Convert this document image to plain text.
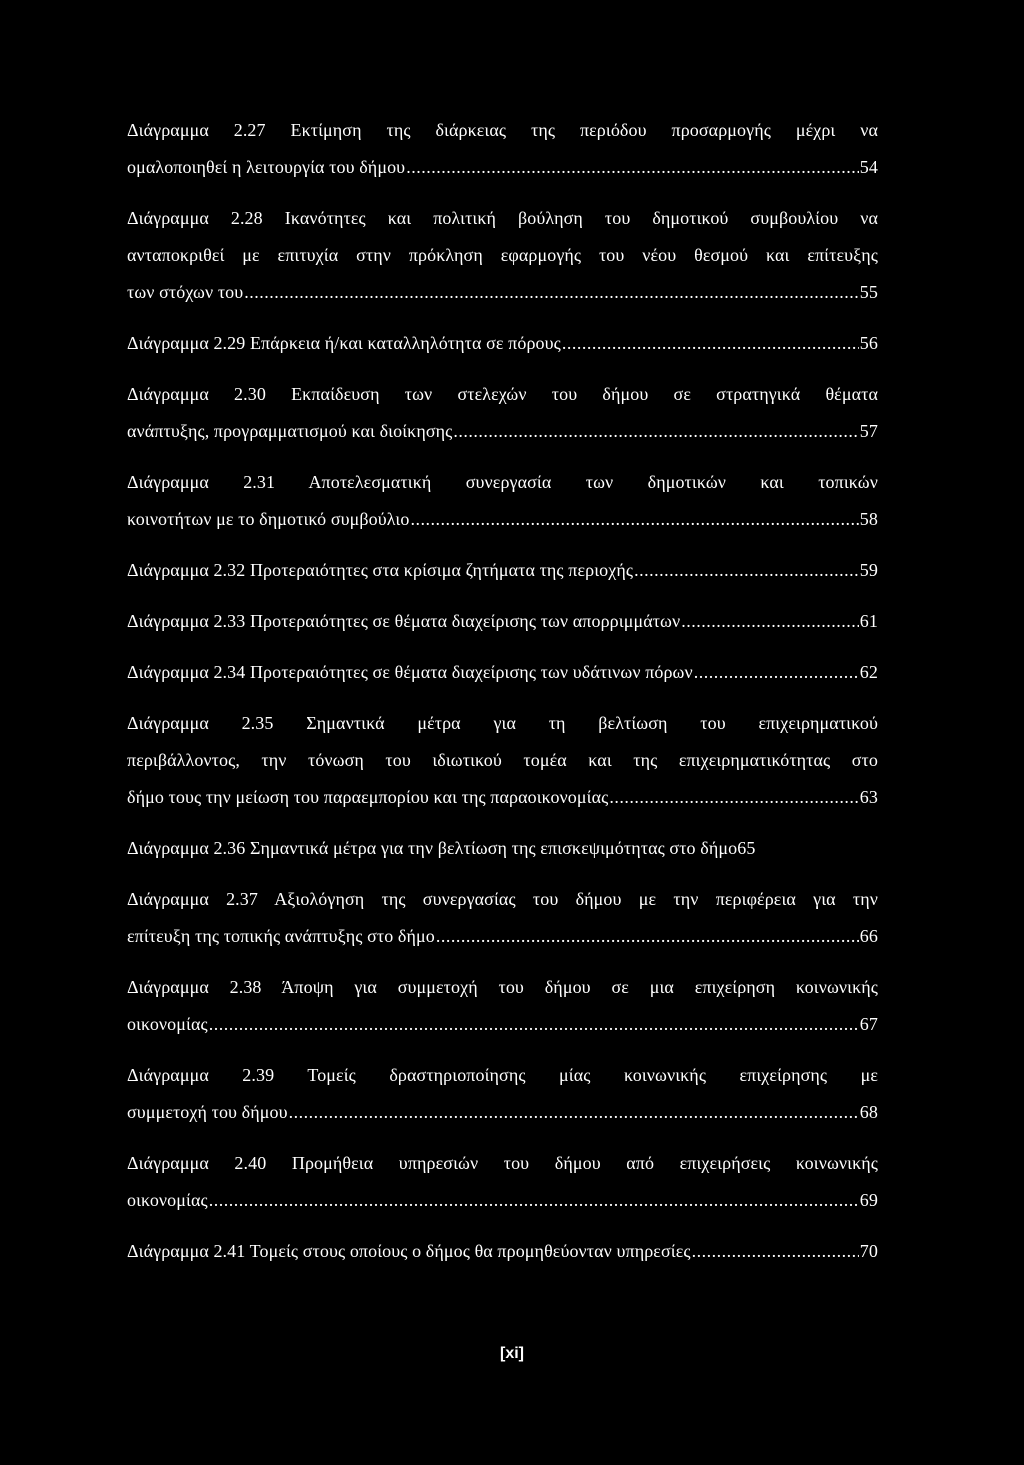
Διάγραμμα 2.27 Εκτίμηση της διάρκειας της περιόδου προσαρμογής μέχρι να
ομαλοποιηθεί η λειτουργία του δήμου .....	54
Διάγραμμα 2.28 Ικανότητες και πολιτική βούληση του δημοτικού συμβουλίου να
ανταποκριθεί με επιτυχία στην πρόκληση εφαρμογής του νέου θεσμού και επίτευξης
των στόχων του .....	55
Διάγραμμα 2.29 Επάρκεια ή/και καταλληλότητα σε πόρους .....	56
Διάγραμμα 2.30 Εκπαίδευση των στελεχών του δήμου σε στρατηγικά θέματα
ανάπτυξης, προγραμματισμού και διοίκησης .....	57
Διάγραμμα 2.31 Αποτελεσματική συνεργασία των δημοτικών και τοπικών
κοινοτήτων με το δημοτικό συμβούλιο .....	58
Διάγραμμα 2.32 Προτεραιότητες στα κρίσιμα ζητήματα της περιοχής .....	59
Διάγραμμα 2.33 Προτεραιότητες σε θέματα διαχείρισης των απορριμμάτων .....	61
Διάγραμμα 2.34 Προτεραιότητες σε θέματα διαχείρισης των υδάτινων πόρων .....	62
Διάγραμμα 2.35 Σημαντικά μέτρα για τη βελτίωση του επιχειρηματικού
περιβάλλοντος, την τόνωση του ιδιωτικού τομέα και της επιχειρηματικότητας στο
δήμο τους την μείωση του παραεμπορίου και της παραοικονομίας .....	63
Διάγραμμα 2.36 Σημαντικά μέτρα για την βελτίωση της επισκεψιμότητας στο δήμο 65
Διάγραμμα 2.37 Αξιολόγηση της συνεργασίας του δήμου με την περιφέρεια για την
επίτευξη της τοπικής ανάπτυξης στο δήμο .....	66
Διάγραμμα 2.38 Άποψη για συμμετοχή του δήμου σε μια επιχείρηση κοινωνικής
οικονομίας .....	67
Διάγραμμα 2.39 Τομείς δραστηριοποίησης μίας κοινωνικής επιχείρησης με
συμμετοχή του δήμου .....	68
Διάγραμμα 2.40 Προμήθεια υπηρεσιών του δήμου από επιχειρήσεις κοινωνικής
οικονομίας .....	69
Διάγραμμα 2.41 Τομείς στους οποίους ο δήμος θα προμηθεύονταν υπηρεσίες .....	70
[xi]
